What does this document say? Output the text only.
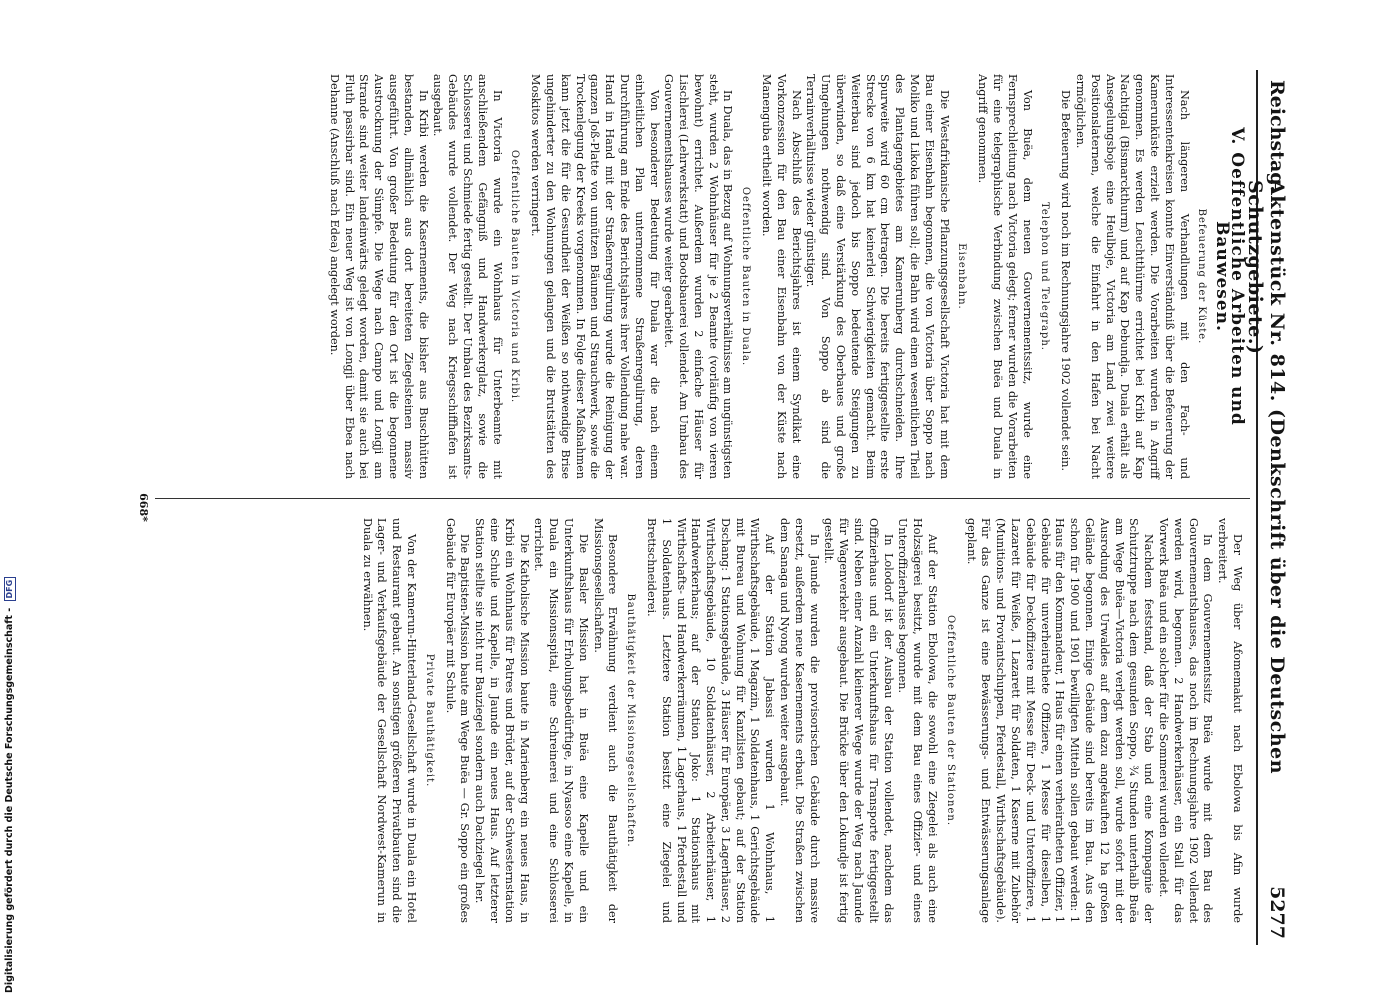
Reichstag.
Aktenstück Nr. 814. (Denkschrift über die Deutschen Schutzgebiete.)
5277
V. Oeffentliche Arbeiten und Bauwesen.
Befeuerung der Küste.

Nach längeren Verhandlungen mit den Fach- und Interessentenkreisen konnte Einverständniß über die Befeuerung der Kamerunküste erzielt werden. Die Vorarbeiten wurden in Angriff genommen. Es werden Leuchtthürme errichtet bei Kribi auf Kap Nachtigal (Bismarckthurm) und auf Kap Debundja. Duala erhält als Ansegelungsboje eine Heulboje, Victoria am Land zwei weitere Positionslaternen, welche die Einfahrt in den Hafen bei Nacht ermöglichen.

Die Befeuerung wird noch im Rechnungsjahre 1902 vollendet sein.

Telephon und Telegraph.

Von Buëa, dem neuen Gouvernementssitz, wurde eine Fernsprechleitung nach Victoria gelegt; ferner wurden die Vorarbeiten für eine telegraphische Verbindung zwischen Buëa und Duala in Angriff genommen.

Eisenbahn.

Die Westafrikanische Pflanzungsgesellschaft Victoria hat mit dem Bau einer Eisenbahn begonnen, die von Victoria über Soppo nach Moliko und Likoka führen soll; die Bahn wird einen wesentlichen Theil des Plantagengebietes am Kamerunberg durchschneiden. Ihre Spurweite wird 60 cm betragen. Die bereits fertiggestellte erste Strecke von 6 km hat keinerlei Schwierigkeiten gemacht. Beim Weiterbau sind jedoch bis Soppo bedeutende Steigungen zu überwinden, so daß eine Verstärkung des Oberbaues und große Umgehungen nothwendig sind. Von Soppo ab sind die Terrainverhältnisse wieder günstiger.

Nach Abschluß des Berichtsjahres ist einem Syndikat eine Vorkonzession für den Bau einer Eisenbahn von der Küste nach Manenguba ertheilt worden.

Oeffentliche Bauten in Duala.

In Duala, das in Bezug auf Wohnungsverhältnisse am ungünstigsten steht, wurden 2 Wohnhäuser für je 2 Beamte (vorläufig von vieren bewohnt) errichtet. Außerdem wurden 2 einfache Häuser für Lischlerei (Lehrwerkstatt) und Bootsbauerei vollendet. Am Umbau des Gouvernementshauses wurde weiter gearbeitet.

Von besonderer Bedeutung für Duala war die nach einem einheitlichen Plan unternommene Straßenregulirung, deren Durchführung am Ende des Berichtsjahres ihrer Vollendung nahe war. Hand in Hand mit der Straßenregulirung wurde die Reinigung der ganzen Joß-Platte von unnützen Bäumen und Strauchwerk, sowie die Trockenlegung der Kreeks vorgenommen. In Folge dieser Maßnahmen kann jetzt die für die Gesundheit der Weißen so nothwendige Brise ungehinderter zu den Wohnungen gelangen und die Brutstätten des Moskitos werden verringert.

Oeffentliche Bauten in Victoria und Kribi.

In Victoria wurde ein Wohnhaus für Unterbeamte mit anschließendem Gefängniß und Handwerkerglatz, sowie die Schlosserei und Schmiede fertig gestellt. Der Umbau des Bezirksamts-Gebäudes wurde vollendet. Der Weg nach Kriegsschiffhafen ist ausgebaut.

In Kribi werden die Kasernements, die bisher aus Buschhütten bestanden, allmählich aus dort bereiteten Ziegelsteinen massiv ausgeführt. Von großer Bedeutung für den Ort ist die begonnene Austrocknung der Sümpfe. Die Wege nach Campo und Longji am Strande sind weiter landeinwärts gelegt worden, damit sie auch bei Fluth passirbar sind. Ein neuer Weg ist von Longji über Ebea nach Dehanne (Anschluß nach Edea) angelegt worden.

Der Weg über Afomemakut nach Ebolowa bis Afin wurde verbreitert.

In dem Gouvernementssitz Buëa wurde mit dem Bau des Gouvernementshauses, das noch im Rechnungsjahre 1902 vollendet werden wird, begonnen. 2 Handwerkerhäuser, ein Stall für das Vorwerk Buëa und ein solcher für die Sommerei wurden vollendet.

Nachdem feststand, daß der Stab und eine Kompagnie der Schutztruppe nach dem gesunden Soppo, ¾ Stunden unterhalb Buëa am Wege Buëa—Victoria verlegt werden soll, wurde sofort mit der Ausrodung des Urwaldes auf dem dazu angekauften 12 ha großen Gelände begonnen. Einige Gebäude sind bereits im Bau. Aus den schon für 1900 und 1901 bewilligten Mitteln sollen gebaut werden: 1 Haus für den Kommandeur, 1 Haus für einen verheiratheten Offizier, 1 Gebäude für unverheirathete Offiziere, 1 Messe für dieselben, 1 Gebäude für Deckoffiziere mit Messe für Deck- und Unteroffiziere, 1 Lazarett für Weiße, 1 Lazarett für Soldaten, 1 Kaserne mit Zubehör (Munitions- und Proviantschuppen, Pferdestall, Wirthschaftsgebäude). Für das Ganze ist eine Bewässerungs- und Entwässerungsanlage geplant.

Oeffentliche Bauten der Stationen.

Auf der Station Ebolowa, die sowohl eine Ziegelei als auch eine Holzsägerei besitzt, wurde mit dem Bau eines Offizier- und eines Unteroffizierhauses begonnen.

In Lolodorf ist der Ausbau der Station vollendet, nachdem das Offizierhaus und ein Unterkunftshaus für Transporte fertiggestellt sind. Neben einer Anzahl kleinerer Wege wurde der Weg nach Jaunde für Wagenverkehr ausgebaut. Die Brücke über den Lokundje ist fertig gestellt.

In Jaunde wurden die provisorischen Gebäude durch massive ersetzt, außerdem neue Kasernements erbaut. Die Straßen zwischen dem Sanaga und Nyong wurden weiter ausgebaut.

Auf der Station Jabassi wurden 1 Wohnhaus, 1 Wirthschaftsgebäude, 1 Magazin, 1 Soldatenhaus, 1 Gerichtsgebäude mit Bureau und Wohnung für Kanzlisten gebaut; auf der Station Dschang: 1 Stationsgebäude, 3 Häuser für Europäer, 3 Lagerhäuser, 2 Wirthschaftsgebäude, 10 Soldatenhäuser, 2 Arbeiterhäuser, 1 Handwerkerhaus; auf der Station Joko: 1 Stationshaus mit Wirthschafts- und Handwerkerräumen, 1 Lagerhaus, 1 Pferdestall und 1 Soldatenhaus. Letztere Station besitzt eine Ziegelei und Brettschneiderei.

Bauthätigkeit der Missionsgesellschaften.

Besondere Erwähnung verdient auch die Bauthätigkeit der Missionsgesellschaften.

Die Basler Mission hat in Buëa eine Kapelle und ein Unterkunftshaus für Erholungsbedürftige, in Nyasoso eine Kapelle, in Duala ein Missionsspital, eine Schreinerei und eine Schlosserei errichtet.

Die Katholische Mission baute in Marienberg ein neues Haus, in Kribi ein Wohnhaus für Patres und Brüder, auf der Schwesternstation eine Schule und Kapelle, in Jaunde ein neues Haus. Auf letzterer Station stellte sie nicht nur Bauziegel sondern auch Dachziegel her.

Die Baptisten-Mission baute am Wege Buëa — Gr. Soppo ein großes Gebäude für Europäer mit Schule.

Private Bauthätigkeit.

Von der Kamerun-Hinterland-Gesellschaft wurde in Duala ein Hotel und Restaurant gebaut. An sonstigen größeren Privatbauten sind die Lager- und Verkaufsgebäude der Gesellschaft Nordwest-Kamerun in Duala zu erwähnen.

668*
Digitalisierung gefördert durch die Deutsche Forschungsgemeinschaft - DFG
